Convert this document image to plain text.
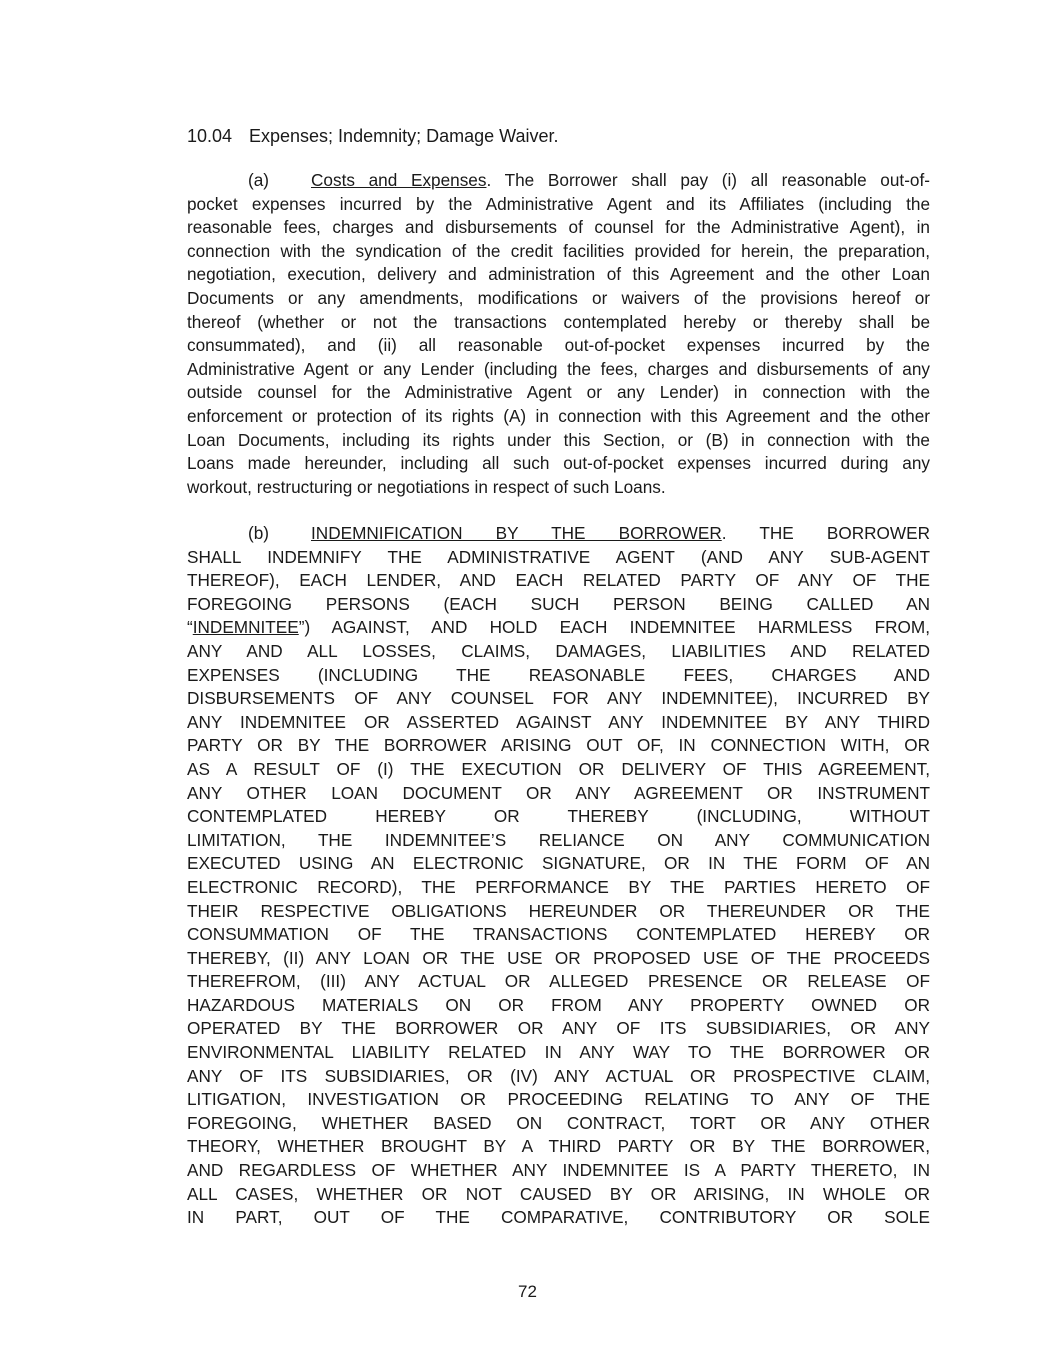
10.04 Expenses; Indemnity; Damage Waiver.
(a) Costs and Expenses. The Borrower shall pay (i) all reasonable out-of-
pocket expenses incurred by the Administrative Agent and its Affiliates (including the
reasonable fees, charges and disbursements of counsel for the Administrative Agent), in
connection with the syndication of the credit facilities provided for herein, the preparation,
negotiation, execution, delivery and administration of this Agreement and the other Loan
Documents or any amendments, modifications or waivers of the provisions hereof or
thereof (whether or not the transactions contemplated hereby or thereby shall be
consummated), and (ii) all reasonable out-of-pocket expenses incurred by the
Administrative Agent or any Lender (including the fees, charges and disbursements of any
outside counsel for the Administrative Agent or any Lender) in connection with the
enforcement or protection of its rights (A) in connection with this Agreement and the other
Loan Documents, including its rights under this Section, or (B) in connection with the
Loans made hereunder, including all such out-of-pocket expenses incurred during any
workout, restructuring or negotiations in respect of such Loans.
(b) INDEMNIFICATION BY THE BORROWER. THE BORROWER
SHALL INDEMNIFY THE ADMINISTRATIVE AGENT (AND ANY SUB-AGENT
THEREOF), EACH LENDER, AND EACH RELATED PARTY OF ANY OF THE
FOREGOING PERSONS (EACH SUCH PERSON BEING CALLED AN
“INDEMNITEE”) AGAINST, AND HOLD EACH INDEMNITEE HARMLESS FROM,
ANY AND ALL LOSSES, CLAIMS, DAMAGES, LIABILITIES AND RELATED
EXPENSES (INCLUDING THE REASONABLE FEES, CHARGES AND
DISBURSEMENTS OF ANY COUNSEL FOR ANY INDEMNITEE), INCURRED BY
ANY INDEMNITEE OR ASSERTED AGAINST ANY INDEMNITEE BY ANY THIRD
PARTY OR BY THE BORROWER ARISING OUT OF, IN CONNECTION WITH, OR
AS A RESULT OF (I) THE EXECUTION OR DELIVERY OF THIS AGREEMENT,
ANY OTHER LOAN DOCUMENT OR ANY AGREEMENT OR INSTRUMENT
CONTEMPLATED HEREBY OR THEREBY (INCLUDING, WITHOUT
LIMITATION, THE INDEMNITEE’S RELIANCE ON ANY COMMUNICATION
EXECUTED USING AN ELECTRONIC SIGNATURE, OR IN THE FORM OF AN
ELECTRONIC RECORD), THE PERFORMANCE BY THE PARTIES HERETO OF
THEIR RESPECTIVE OBLIGATIONS HEREUNDER OR THEREUNDER OR THE
CONSUMMATION OF THE TRANSACTIONS CONTEMPLATED HEREBY OR
THEREBY, (II) ANY LOAN OR THE USE OR PROPOSED USE OF THE PROCEEDS
THEREFROM, (III) ANY ACTUAL OR ALLEGED PRESENCE OR RELEASE OF
HAZARDOUS MATERIALS ON OR FROM ANY PROPERTY OWNED OR
OPERATED BY THE BORROWER OR ANY OF ITS SUBSIDIARIES, OR ANY
ENVIRONMENTAL LIABILITY RELATED IN ANY WAY TO THE BORROWER OR
ANY OF ITS SUBSIDIARIES, OR (IV) ANY ACTUAL OR PROSPECTIVE CLAIM,
LITIGATION, INVESTIGATION OR PROCEEDING RELATING TO ANY OF THE
FOREGOING, WHETHER BASED ON CONTRACT, TORT OR ANY OTHER
THEORY, WHETHER BROUGHT BY A THIRD PARTY OR BY THE BORROWER,
AND REGARDLESS OF WHETHER ANY INDEMNITEE IS A PARTY THERETO, IN
ALL CASES, WHETHER OR NOT CAUSED BY OR ARISING, IN WHOLE OR
IN PART, OUT OF THE COMPARATIVE, CONTRIBUTORY OR SOLE
72
